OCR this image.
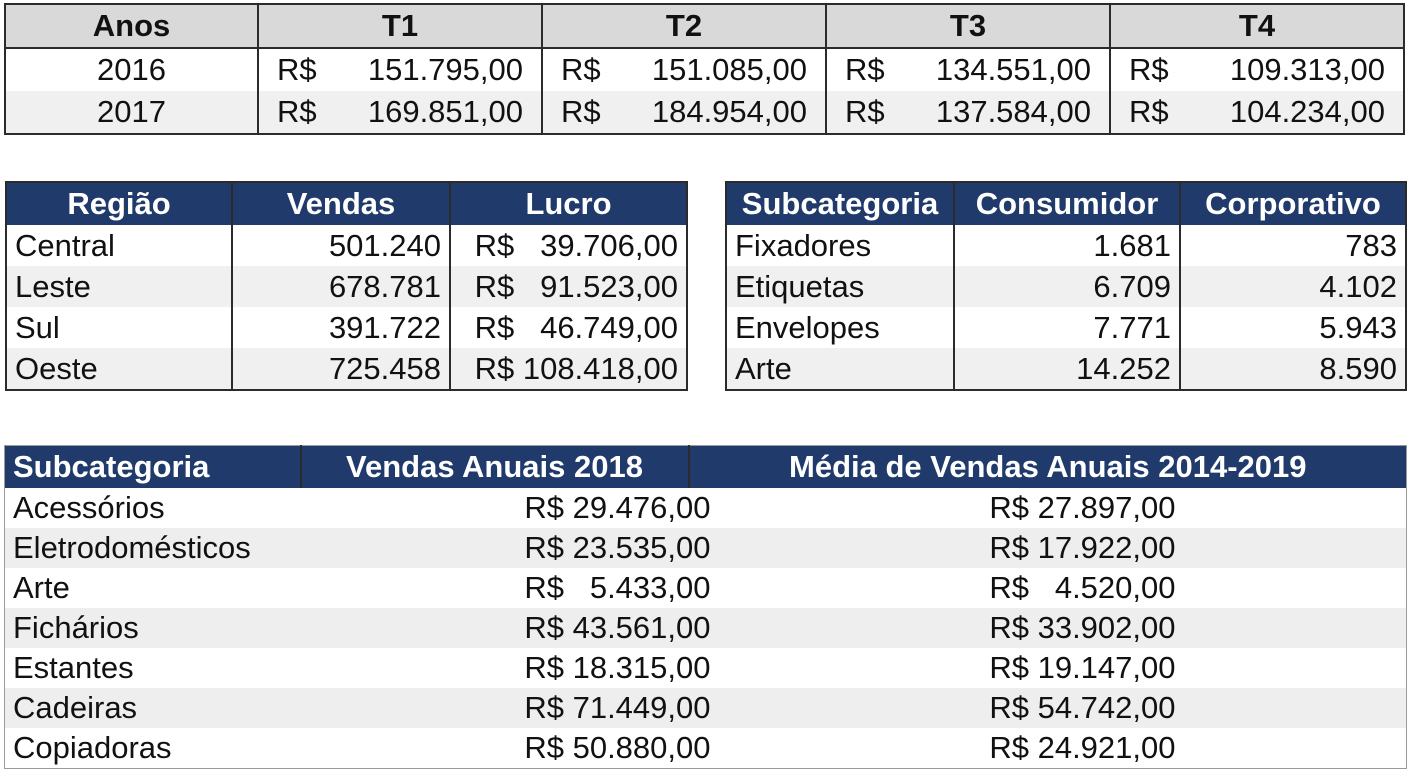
Anos	T1	T2	T3	T4
2016	R$ 151.795,00	R$ 151.085,00	R$ 134.551,00	R$ 109.313,00

2017	R$ 169.851,00	R$ 184.954,00	R$ 137.584,00	R$ 104.234,00
Região	Vendas	Lucro
Central	501.240	R$   39.706,00
Leste	678.781	R$   91.523,00
Sul	391.722	R$   46.749,00
Oeste	725.458	R$ 108.418,00
Subcategoria	Consumidor	Corporativo
Fixadores	1.681	783
Etiquetas	6.709	4.102
Envelopes	7.771	5.943
Arte	14.252	8.590
Subcategoria	Vendas Anuais 2018	Média de Vendas Anuais 2014-2019
Acessórios	R$ 29.476,00 R$ 27.897,00	
Eletrodomésticos	R$ 23.535,00 R$ 17.922,00	
Arte	R$   5.433,00 R$   4.520,00	
Fichários	R$ 43.561,00 R$ 33.902,00	
Estantes	R$ 18.315,00 R$ 19.147,00	
Cadeiras	R$ 71.449,00 R$ 54.742,00	
Copiadoras	R$ 50.880,00 R$ 24.921,00	
